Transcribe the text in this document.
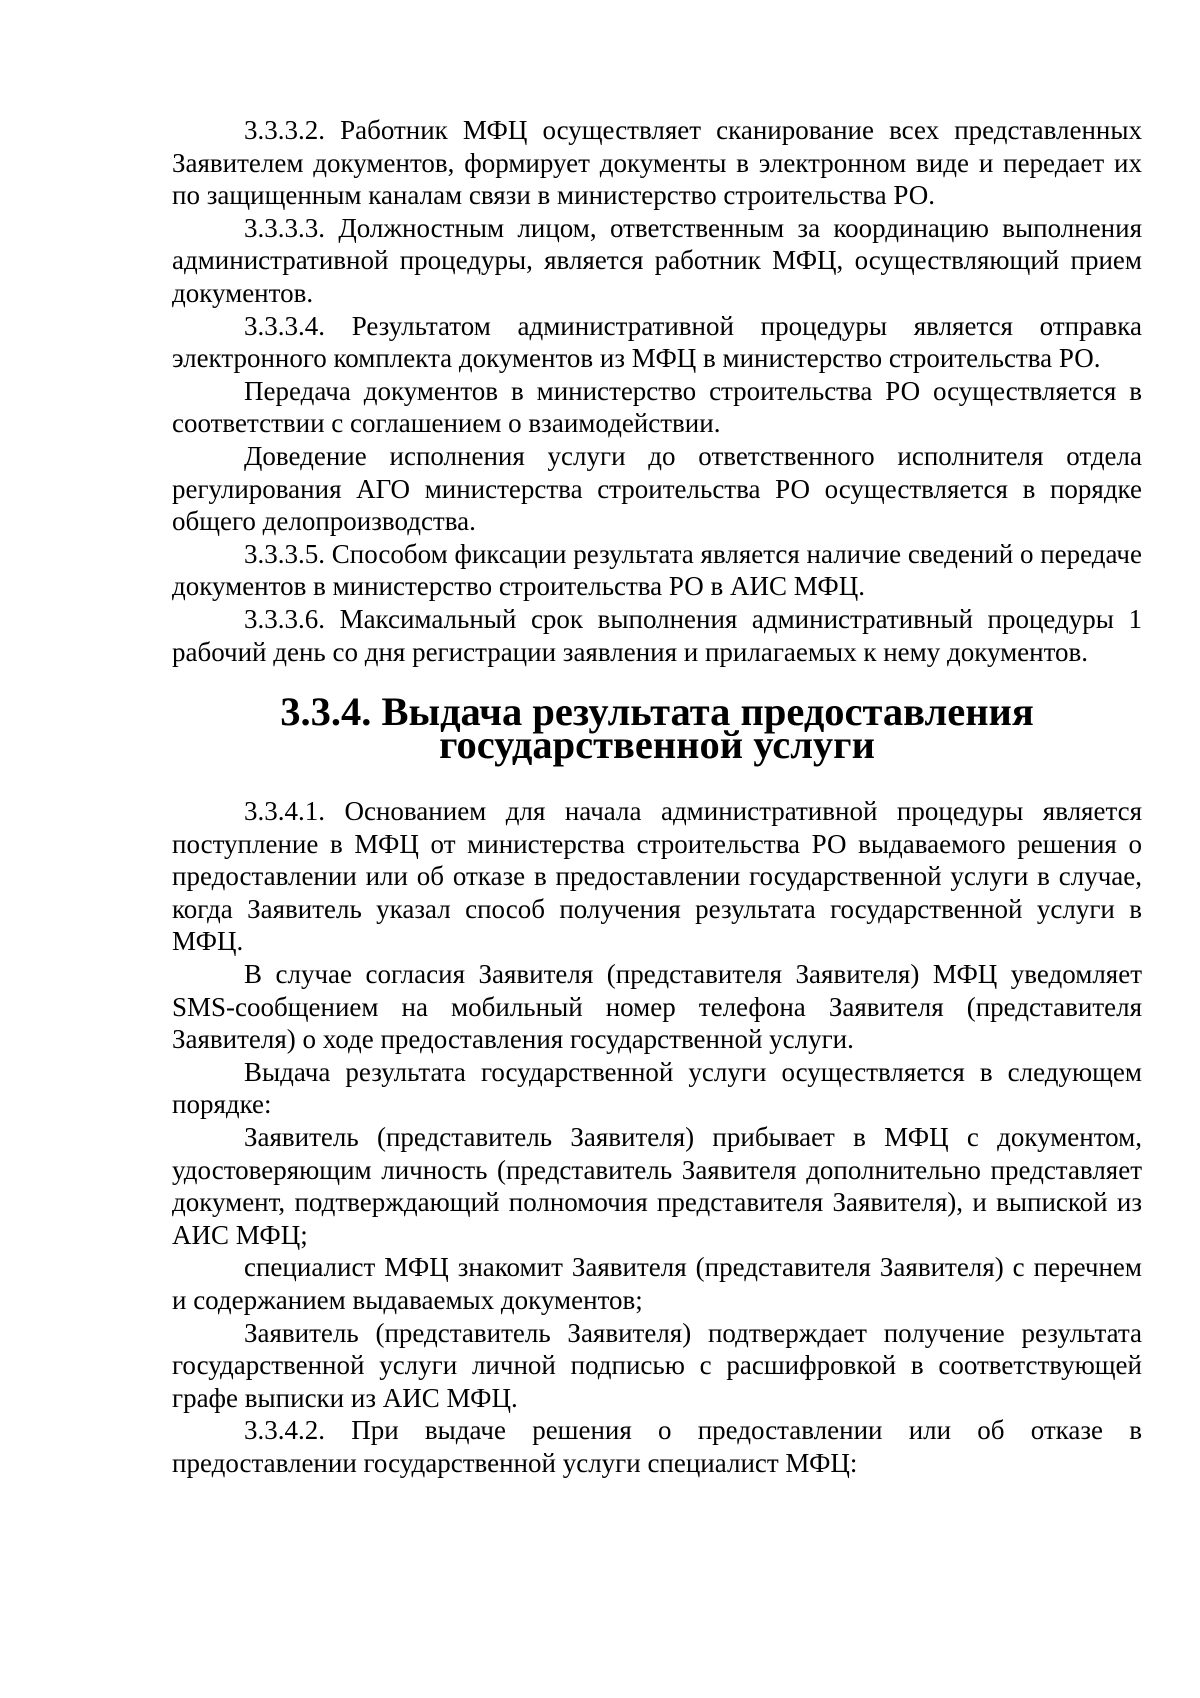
3.3.3.2. Работник МФЦ осуществляет сканирование всех представленных Заявителем документов, формирует документы в электронном виде и передает их по защищенным каналам связи в министерство строительства РО.

3.3.3.3. Должностным лицом, ответственным за координацию выполнения административной процедуры, является работник МФЦ, осуществляющий прием документов.

3.3.3.4. Результатом административной процедуры является отправка электронного комплекта документов из МФЦ в министерство строительства РО.

Передача документов в министерство строительства РО осуществляется в соответствии с соглашением о взаимодействии.

Доведение исполнения услуги до ответственного исполнителя отдела регулирования АГО министерства строительства РО осуществляется в порядке общего делопроизводства.

3.3.3.5. Способом фиксации результата является наличие сведений о передаче документов в министерство строительства РО в АИС МФЦ.

3.3.3.6. Максимальный срок выполнения административный процедуры 1 рабочий день со дня регистрации заявления и прилагаемых к нему документов.

3.3.4. Выдача результата предоставления
государственной услуги

3.3.4.1. Основанием для начала административной процедуры является поступление в МФЦ от министерства строительства РО выдаваемого решения о предоставлении или об отказе в предоставлении государственной услуги в случае, когда Заявитель указал способ получения результата государственной услуги в МФЦ.

В случае согласия Заявителя (представителя Заявителя) МФЦ уведомляет SMS-сообщением на мобильный номер телефона Заявителя (представителя Заявителя) о ходе предоставления государственной услуги.

Выдача результата государственной услуги осуществляется в следующем порядке:

Заявитель (представитель Заявителя) прибывает в МФЦ с документом, удостоверяющим личность (представитель Заявителя дополнительно представляет документ, подтверждающий полномочия представителя Заявителя), и выпиской из АИС МФЦ;

специалист МФЦ знакомит Заявителя (представителя Заявителя) с перечнем и содержанием выдаваемых документов;

Заявитель (представитель Заявителя) подтверждает получение результата государственной услуги личной подписью с расшифровкой в соответствующей графе выписки из АИС МФЦ.

3.3.4.2. При выдаче решения о предоставлении или об отказе в предоставлении государственной услуги специалист МФЦ:
